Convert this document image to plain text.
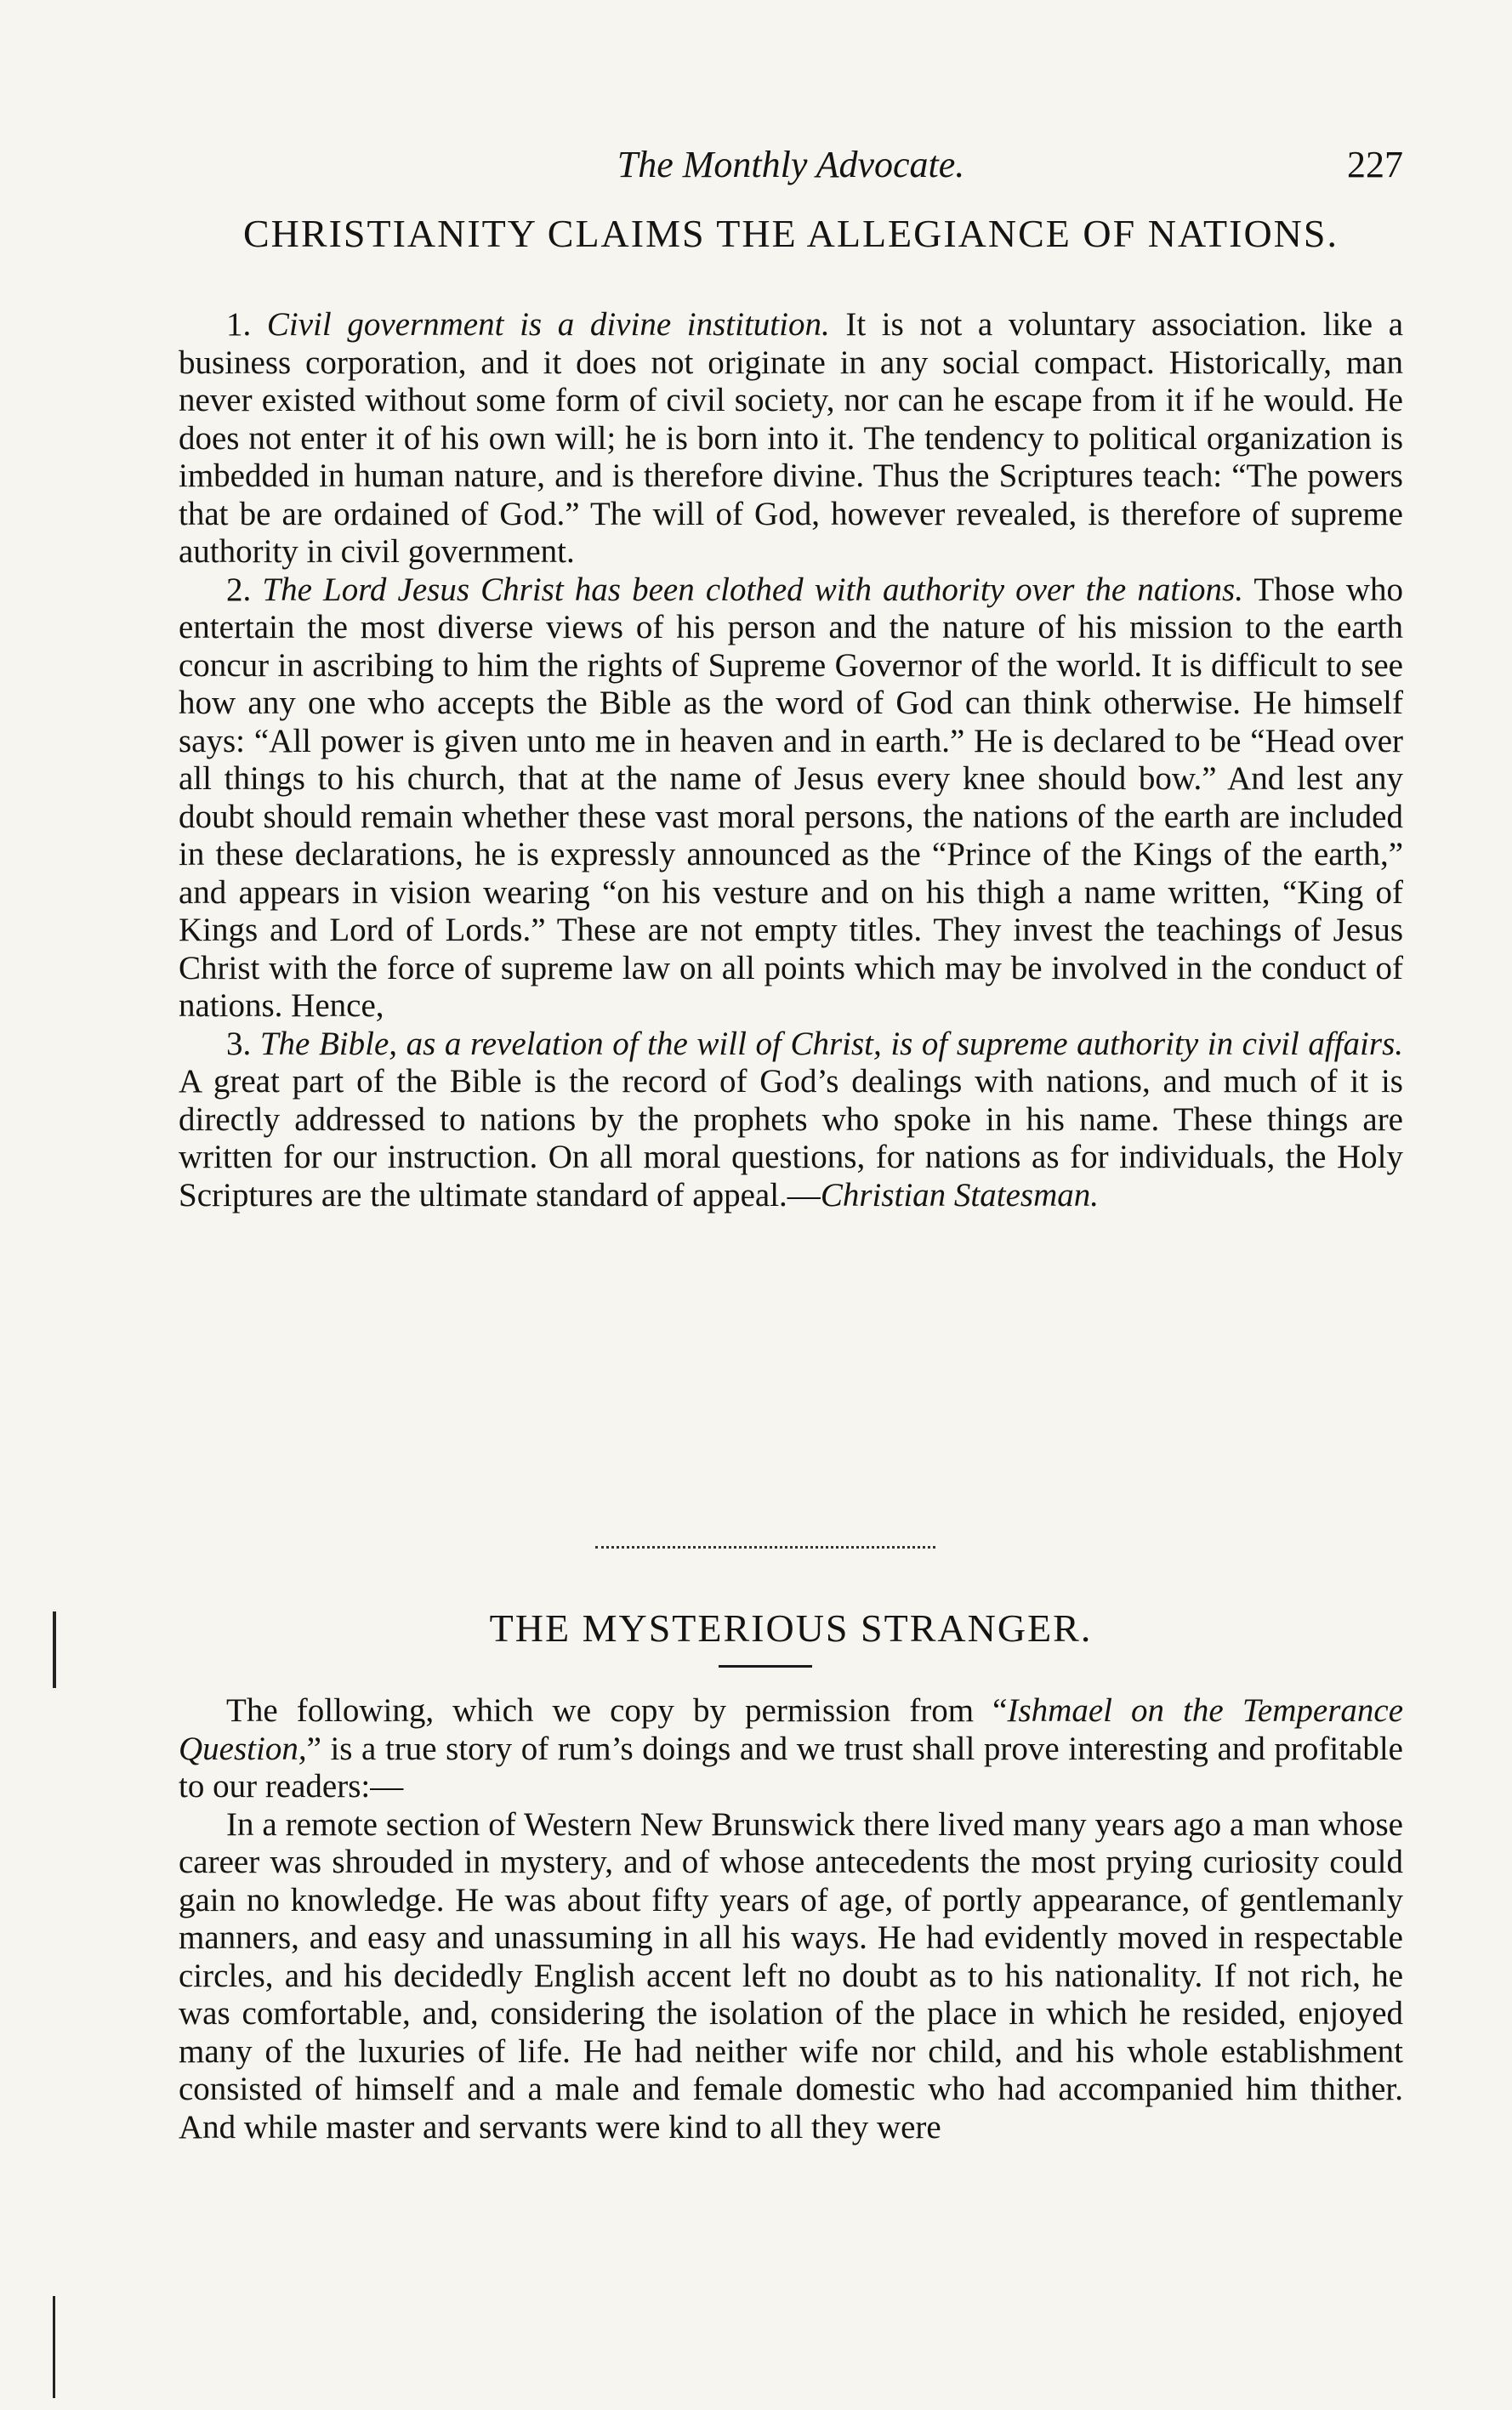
The Monthly Advocate.	227
CHRISTIANITY CLAIMS THE ALLEGIANCE OF NATIONS.

1. Civil government is a divine institution. It is not a voluntary association. like a business corporation, and it does not originate in any social compact. Historically, man never existed without some form of civil society, nor can he escape from it if he would. He does not enter it of his own will; he is born into it. The tendency to political organization is imbedded in human nature, and is therefore divine. Thus the Scriptures teach: “The powers that be are ordained of God.” The will of God, however revealed, is therefore of supreme authority in civil government.

2. The Lord Jesus Christ has been clothed with authority over the nations. Those who entertain the most diverse views of his person and the nature of his mission to the earth concur in ascribing to him the rights of Supreme Governor of the world. It is difficult to see how any one who accepts the Bible as the word of God can think otherwise. He himself says: “All power is given unto me in heaven and in earth.” He is declared to be “Head over all things to his church, that at the name of Jesus every knee should bow.” And lest any doubt should remain whether these vast moral persons, the nations of the earth are included in these declarations, he is expressly announced as the “Prince of the Kings of the earth,” and appears in vision wearing “on his vesture and on his thigh a name written, “King of Kings and Lord of Lords.” These are not empty titles. They invest the teachings of Jesus Christ with the force of supreme law on all points which may be involved in the conduct of nations. Hence,

3. The Bible, as a revelation of the will of Christ, is of supreme authority in civil affairs. A great part of the Bible is the record of God’s dealings with nations, and much of it is directly addressed to nations by the prophets who spoke in his name. These things are written for our instruction. On all moral questions, for nations as for individuals, the Holy Scriptures are the ultimate standard of appeal.—Christian Statesman.

THE MYSTERIOUS STRANGER.

The following, which we copy by permission from “Ishmael on the Temperance Question,” is a true story of rum’s doings and we trust shall prove interesting and profitable to our readers:—

In a remote section of Western New Brunswick there lived many years ago a man whose career was shrouded in mystery, and of whose antecedents the most prying curiosity could gain no knowledge. He was about fifty years of age, of portly appearance, of gentlemanly manners, and easy and unassuming in all his ways. He had evidently moved in respectable circles, and his decidedly English accent left no doubt as to his nationality. If not rich, he was comfortable, and, considering the isolation of the place in which he resided, enjoyed many of the luxuries of life. He had neither wife nor child, and his whole establishment consisted of himself and a male and female domestic who had accompanied him thither. And while master and servants were kind to all they were
